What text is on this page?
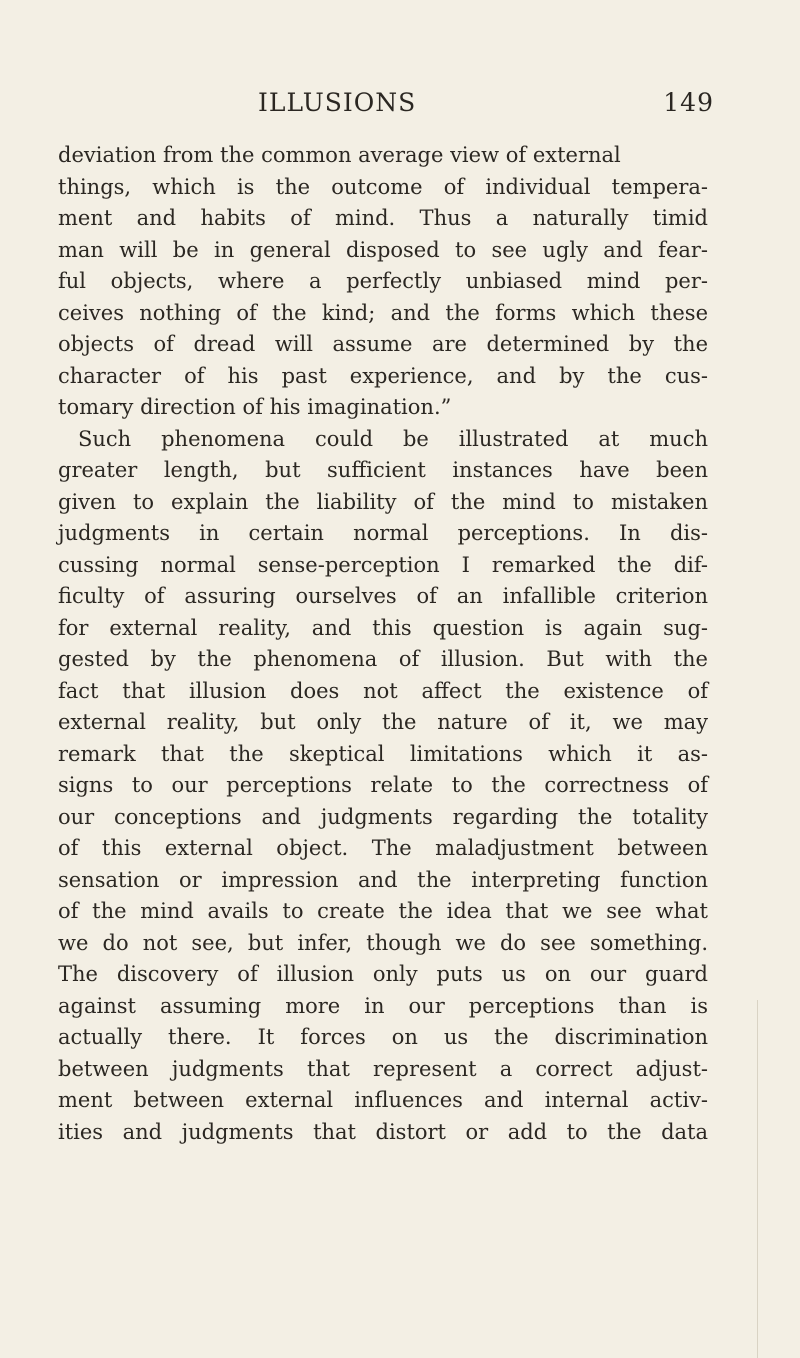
ILLUSIONS	149
deviation from the common average view of external
things, which is the outcome of individual tempera-
ment and habits of mind. Thus a naturally timid
man will be in general disposed to see ugly and fear-
ful objects, where a perfectly unbiased mind per-
ceives nothing of the kind; and the forms which these
objects of dread will assume are determined by the
character of his past experience, and by the cus-
tomary direction of his imagination.”
Such phenomena could be illustrated at much
greater length, but sufficient instances have been
given to explain the liability of the mind to mistaken
judgments in certain normal perceptions. In dis-
cussing normal sense-perception I remarked the dif-
ficulty of assuring ourselves of an infallible criterion
for external reality, and this question is again sug-
gested by the phenomena of illusion. But with the
fact that illusion does not affect the existence of
external reality, but only the nature of it, we may
remark that the skeptical limitations which it as-
signs to our perceptions relate to the correctness of
our conceptions and judgments regarding the totality
of this external object. The maladjustment between
sensation or impression and the interpreting function
of the mind avails to create the idea that we see what
we do not see, but infer, though we do see something.
The discovery of illusion only puts us on our guard
against assuming more in our perceptions than is
actually there. It forces on us the discrimination
between judgments that represent a correct adjust-
ment between external influences and internal activ-
ities and judgments that distort or add to the data
